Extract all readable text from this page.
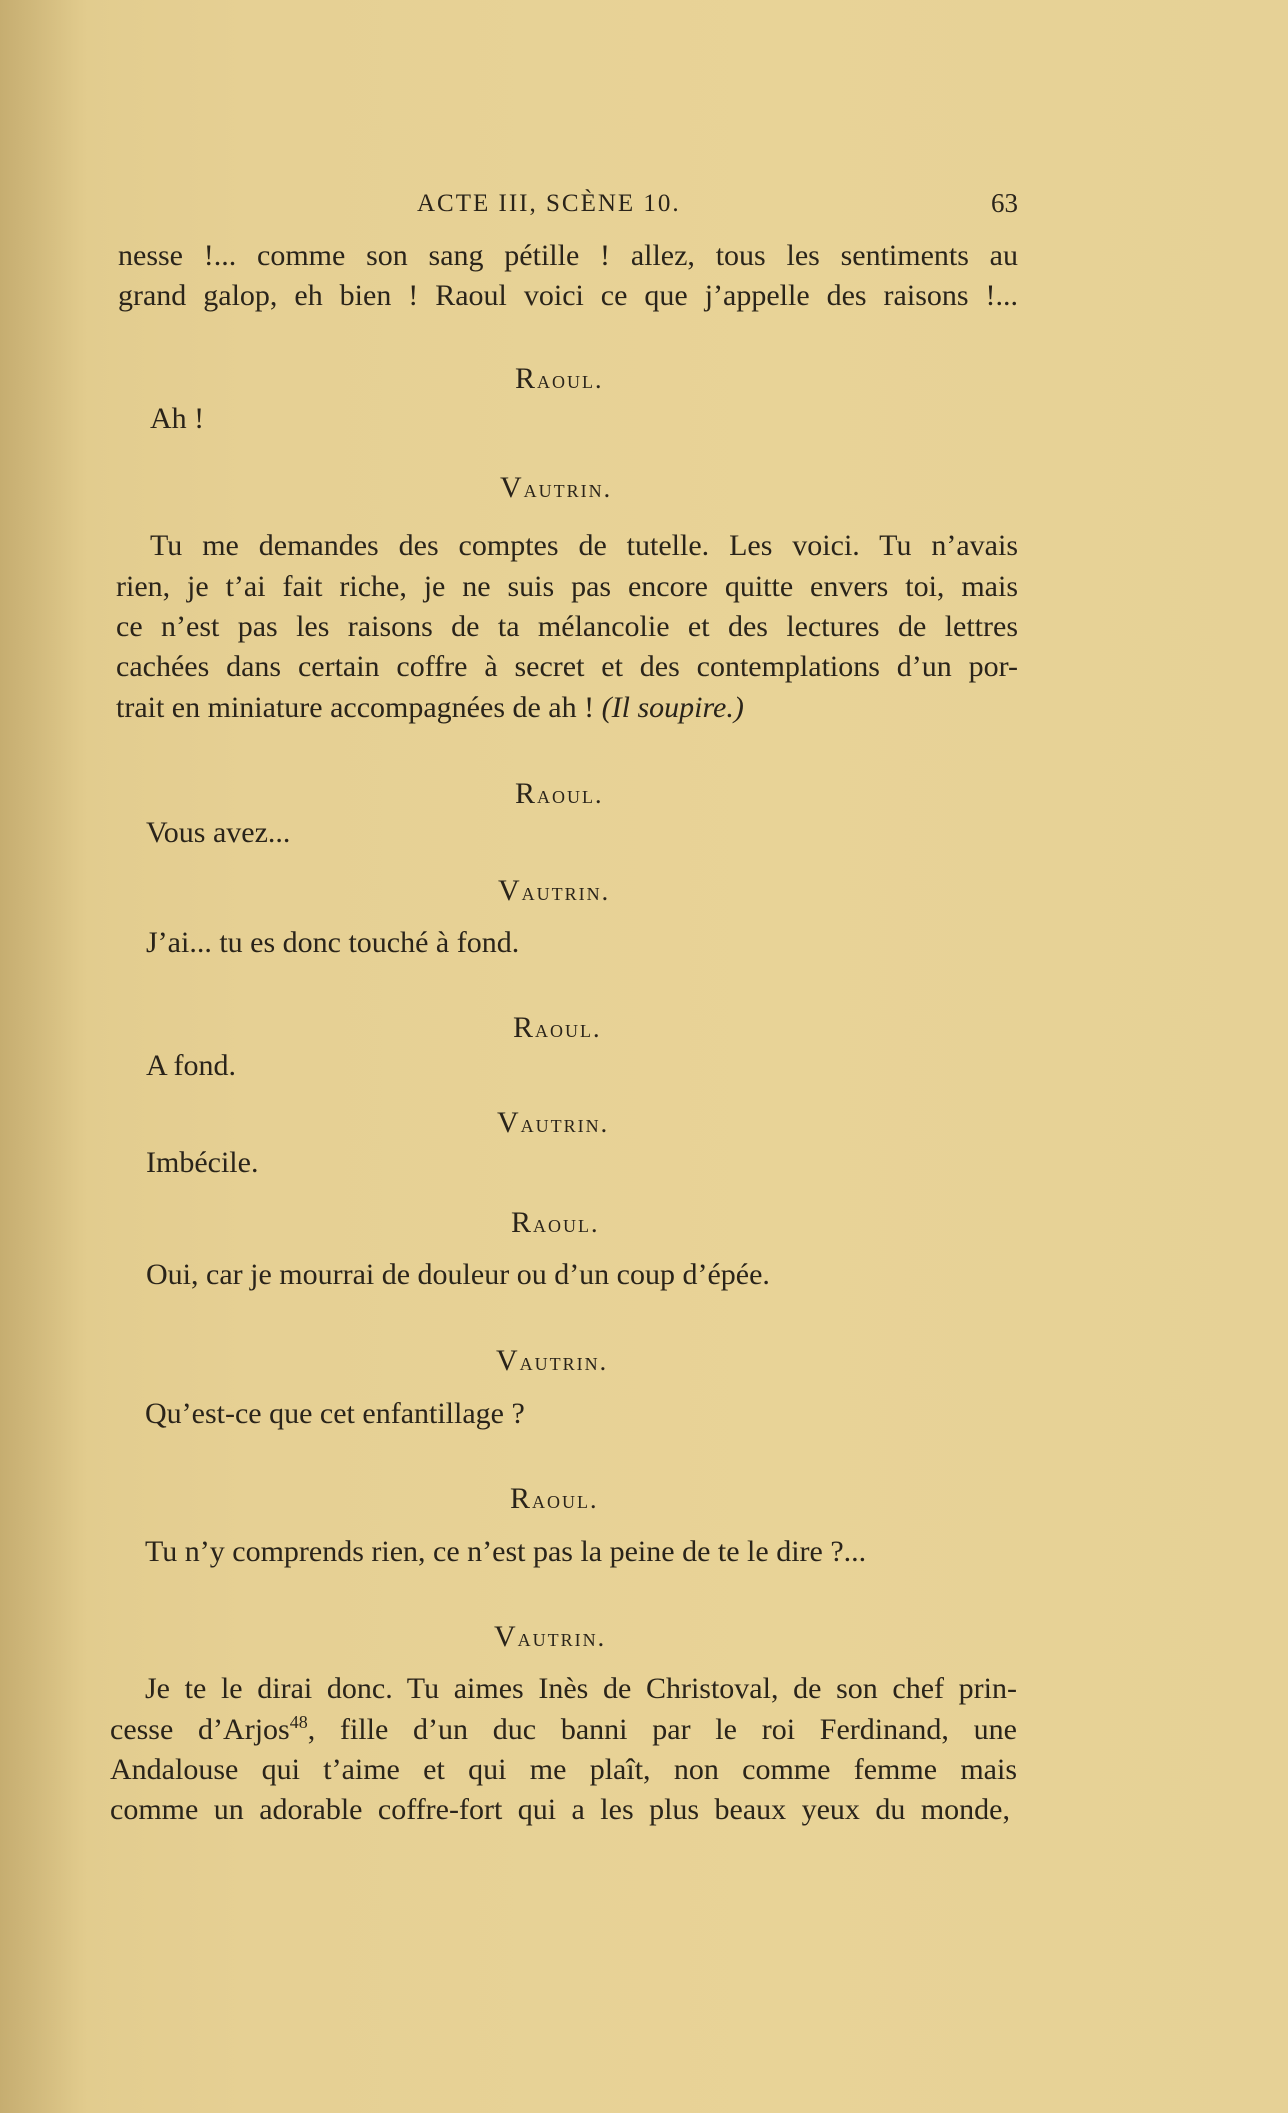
ACTE III, SCÈNE 10.	63
nesse !... comme son sang pétille ! allez, tous les sentiments au
grand galop, eh bien ! Raoul voici ce que j’appelle des raisons !...
Raoul.
Ah !
Vautrin.
Tu me demandes des comptes de tutelle. Les voici. Tu n’avais
rien, je t’ai fait riche, je ne suis pas encore quitte envers toi, mais
ce n’est pas les raisons de ta mélancolie et des lectures de lettres
cachées dans certain coffre à secret et des contemplations d’un por-
trait en miniature accompagnées de ah ! (Il soupire.)
Raoul.
Vous avez...
Vautrin.
J’ai... tu es donc touché à fond.
Raoul.
A fond.
Vautrin.
Imbécile.
Raoul.
Oui, car je mourrai de douleur ou d’un coup d’épée.
Vautrin.
Qu’est-ce que cet enfantillage ?
Raoul.
Tu n’y comprends rien, ce n’est pas la peine de te le dire ?...
Vautrin.
Je te le dirai donc. Tu aimes Inès de Christoval, de son chef prin-
cesse d’Arjos$^{48}$, fille d’un duc banni par le roi Ferdinand, une
Andalouse qui t’aime et qui me plaît, non comme femme mais
comme un adorable coffre-fort qui a les plus beaux yeux du monde,
